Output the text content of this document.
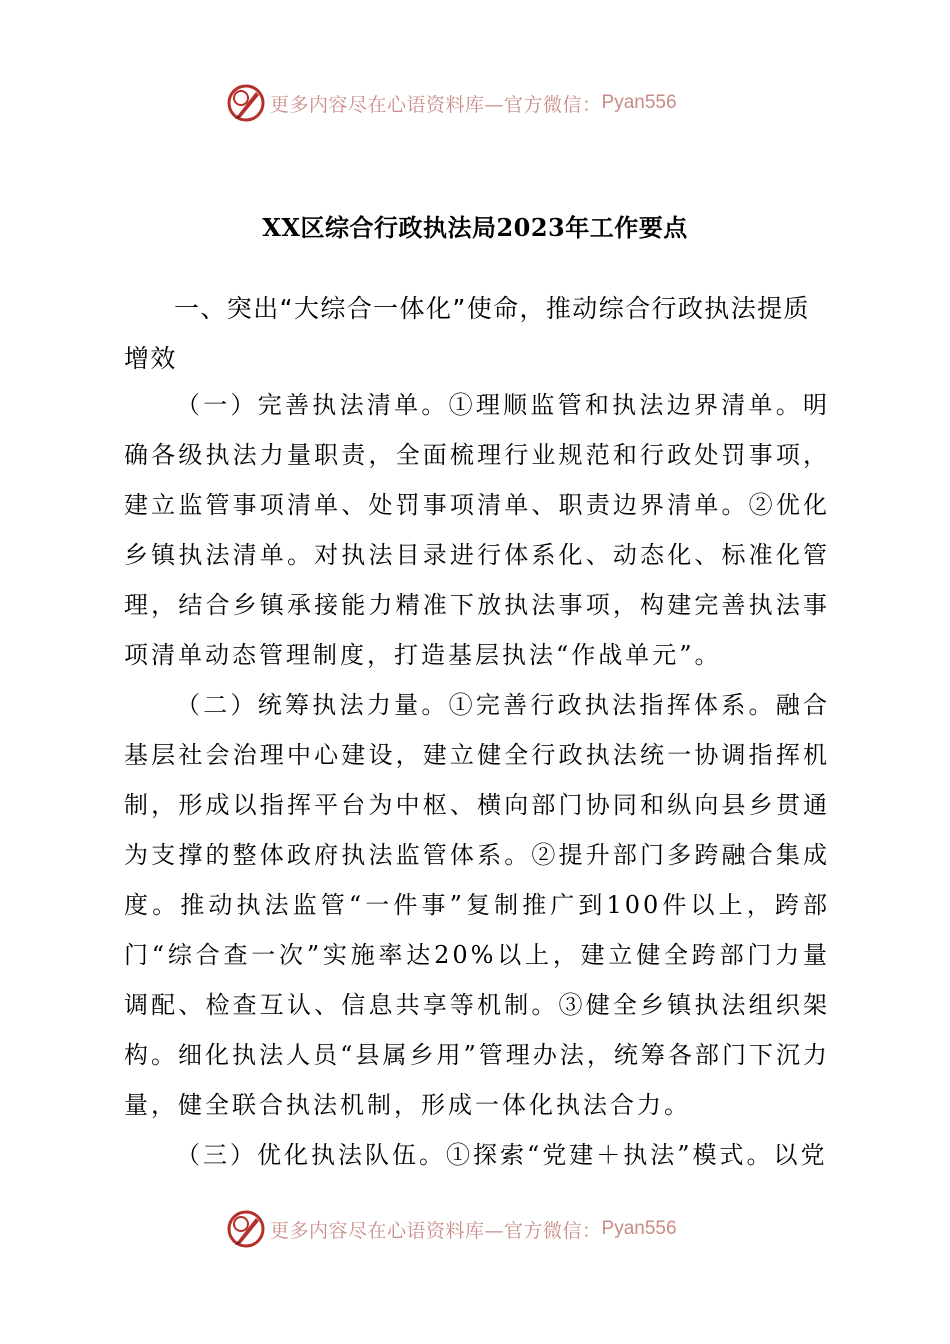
更多内容尽在心语资料库—官方微信： Pyan556
XX区综合行政执法局2023年工作要点

一、突出“大综合一体化”使命，推动综合行政执法提质增效

（一）完善执法清单。①理顺监管和执法边界清单。明确各级执法力量职责，全面梳理行业规范和行政处罚事项，建立监管事项清单、处罚事项清单、职责边界清单。②优化乡镇执法清单。对执法目录进行体系化、动态化、标准化管理，结合乡镇承接能力精准下放执法事项，构建完善执法事项清单动态管理制度，打造基层执法“作战单元”。

（二）统筹执法力量。①完善行政执法指挥体系。融合基层社会治理中心建设，建立健全行政执法统一协调指挥机制，形成以指挥平台为中枢、横向部门协同和纵向县乡贯通为支撑的整体政府执法监管体系。②提升部门多跨融合集成度。推动执法监管“一件事”复制推广到100件以上，跨部门“综合查一次”实施率达20%以上，建立健全跨部门力量调配、检查互认、信息共享等机制。③健全乡镇执法组织架构。细化执法人员“县属乡用”管理办法，统筹各部门下沉力量，健全联合执法机制，形成一体化执法合力。

（三）优化执法队伍。①探索“党建＋执法”模式。以党

更多内容尽在心语资料库—官方微信： Pyan556
